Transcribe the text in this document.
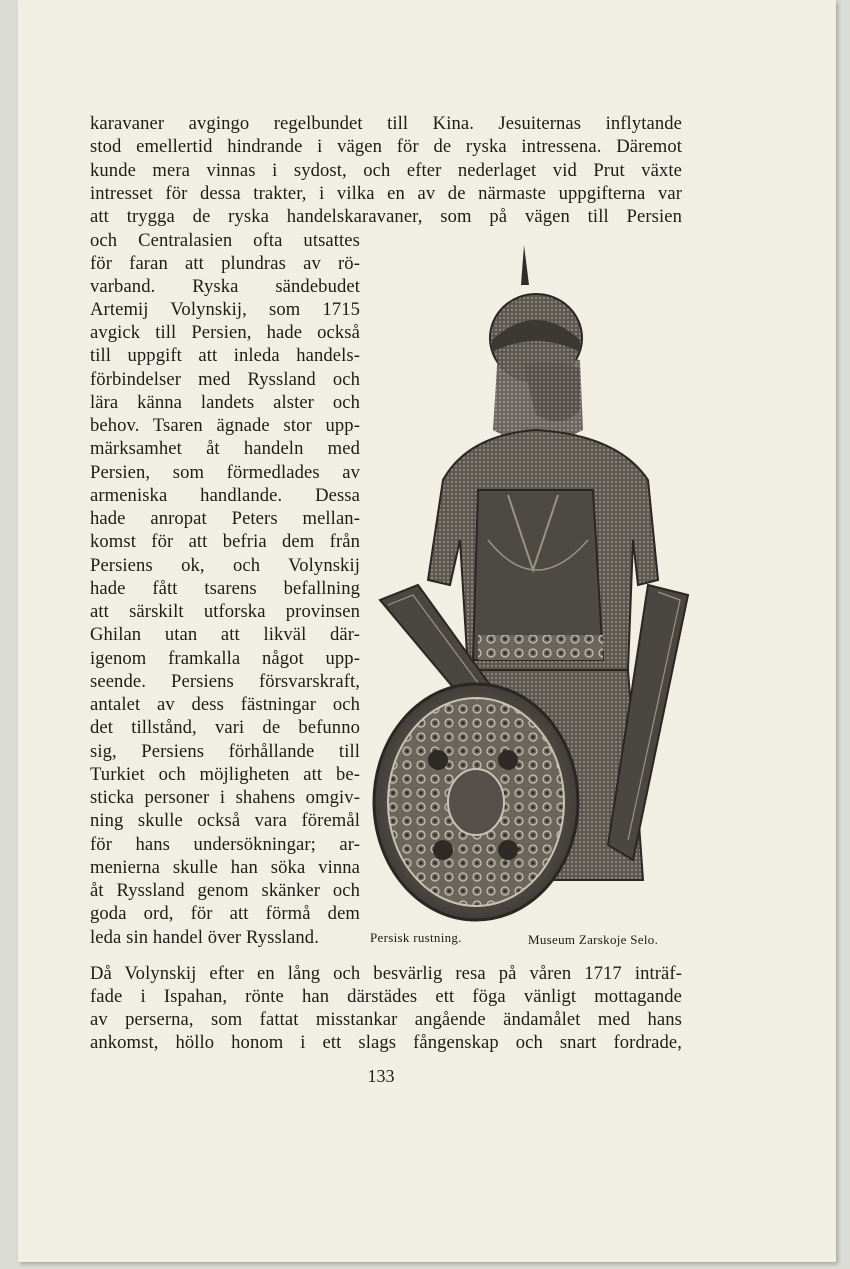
karavaner avgingo regelbundet till Kina. Jesuiternas inflytande
stod emellertid hindrande i vägen för de ryska intressena. Däremot
kunde mera vinnas i sydost, och efter nederlaget vid Prut växte
intresset för dessa trakter, i vilka en av de närmaste uppgifterna var
att trygga de ryska handelskaravaner, som på vägen till Persien
och Centralasien ofta utsattes
för faran att plundras av rö-
varband. Ryska sändebudet
Artemij Volynskij, som 1715
avgick till Persien, hade också
till uppgift att inleda handels-
förbindelser med Ryssland och
lära känna landets alster och
behov. Tsaren ägnade stor upp-
märksamhet åt handeln med
Persien, som förmedlades av
armeniska handlande. Dessa
hade anropat Peters mellan-
komst för att befria dem från
Persiens ok, och Volynskij
hade fått tsarens befallning
att särskilt utforska provinsen
Ghilan utan att likväl där-
igenom framkalla något upp-
seende. Persiens försvarskraft,
antalet av dess fästningar och
det tillstånd, vari de befunno
sig, Persiens förhållande till
Turkiet och möjligheten att be-
sticka personer i shahens omgiv-
ning skulle också vara föremål
för hans undersökningar; ar-
menierna skulle han söka vinna
åt Ryssland genom skänker och
goda ord, för att förmå dem
leda sin handel över Ryssland.	Persisk rustning.	Museum Zarskoje Selo.
Då Volynskij efter en lång och besvärlig resa på våren 1717 inträf-
fade i Ispahan, rönte han därstädes ett föga vänligt mottagande
av perserna, som fattat misstankar angående ändamålet med hans
ankomst, höllo honom i ett slags fångenskap och snart fordrade,
133
